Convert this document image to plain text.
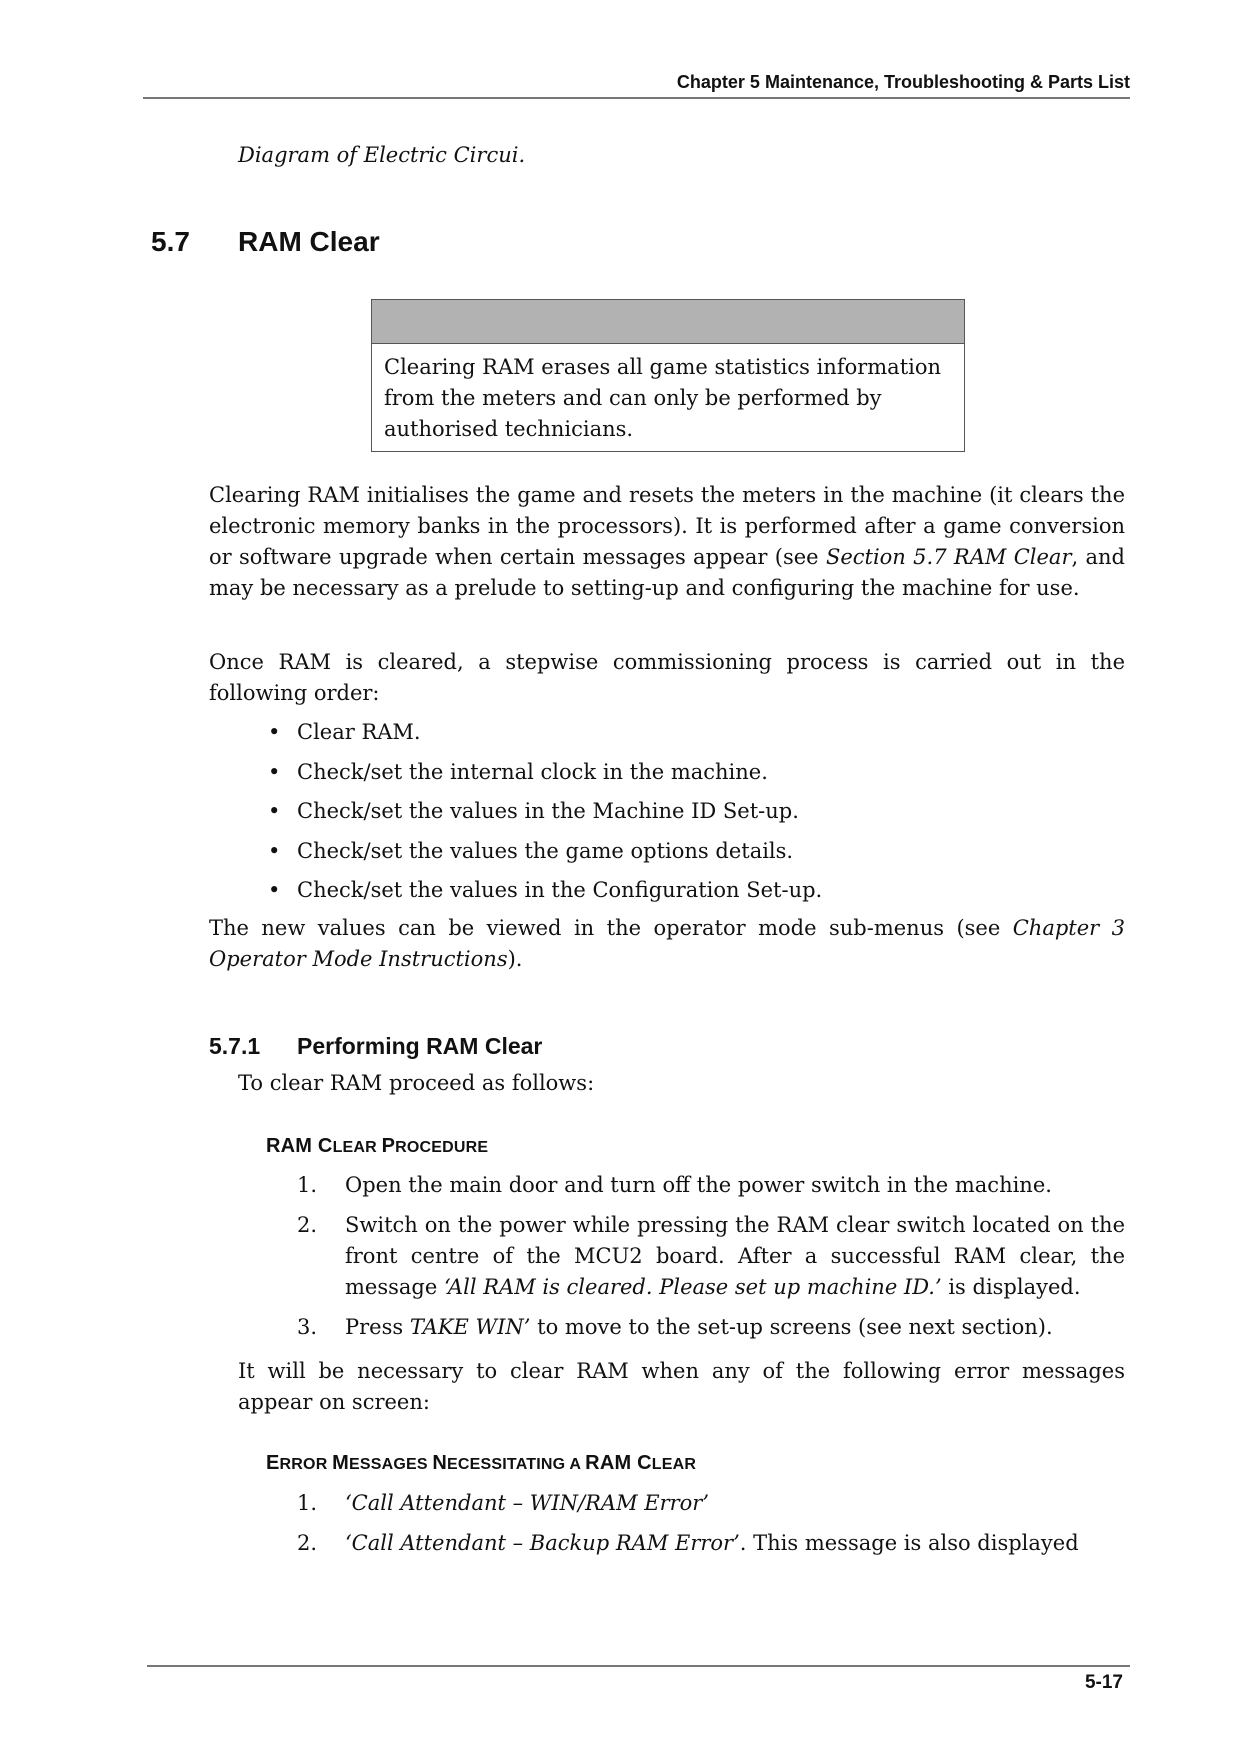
Chapter 5 Maintenance, Troubleshooting & Parts List
Diagram of Electric Circui.
5.7 RAM Clear
Clearing RAM erases all game statistics information from the meters and can only be performed by authorised technicians.
Clearing RAM initialises the game and resets the meters in the machine (it clears the electronic memory banks in the processors). It is performed after a game conversion or software upgrade when certain messages appear (see Section 5.7 RAM Clear, and may be necessary as a prelude to setting-up and configuring the machine for use.
Once RAM is cleared, a stepwise commissioning process is carried out in the following order:
• Clear RAM.
• Check/set the internal clock in the machine.
• Check/set the values in the Machine ID Set-up.
• Check/set the values the game options details.
• Check/set the values in the Configuration Set-up.
The new values can be viewed in the operator mode sub-menus (see Chapter 3 Operator Mode Instructions).
5.7.1 Performing RAM Clear
To clear RAM proceed as follows:
RAM CLEAR PROCEDURE
1.	Open the main door and turn off the power switch in the machine.
2.	Switch on the power while pressing the RAM clear switch located on the front centre of the MCU2 board. After a successful RAM clear, the message ‘All RAM is cleared. Please set up machine ID.’ is displayed.
3.	Press TAKE WIN’ to move to the set-up screens (see next section).
It will be necessary to clear RAM when any of the following error messages appear on screen:
ERROR MESSAGES NECESSITATING A RAM CLEAR
1.	‘Call Attendant – WIN/RAM Error’
2.	‘Call Attendant – Backup RAM Error’. This message is also displayed
5-17
